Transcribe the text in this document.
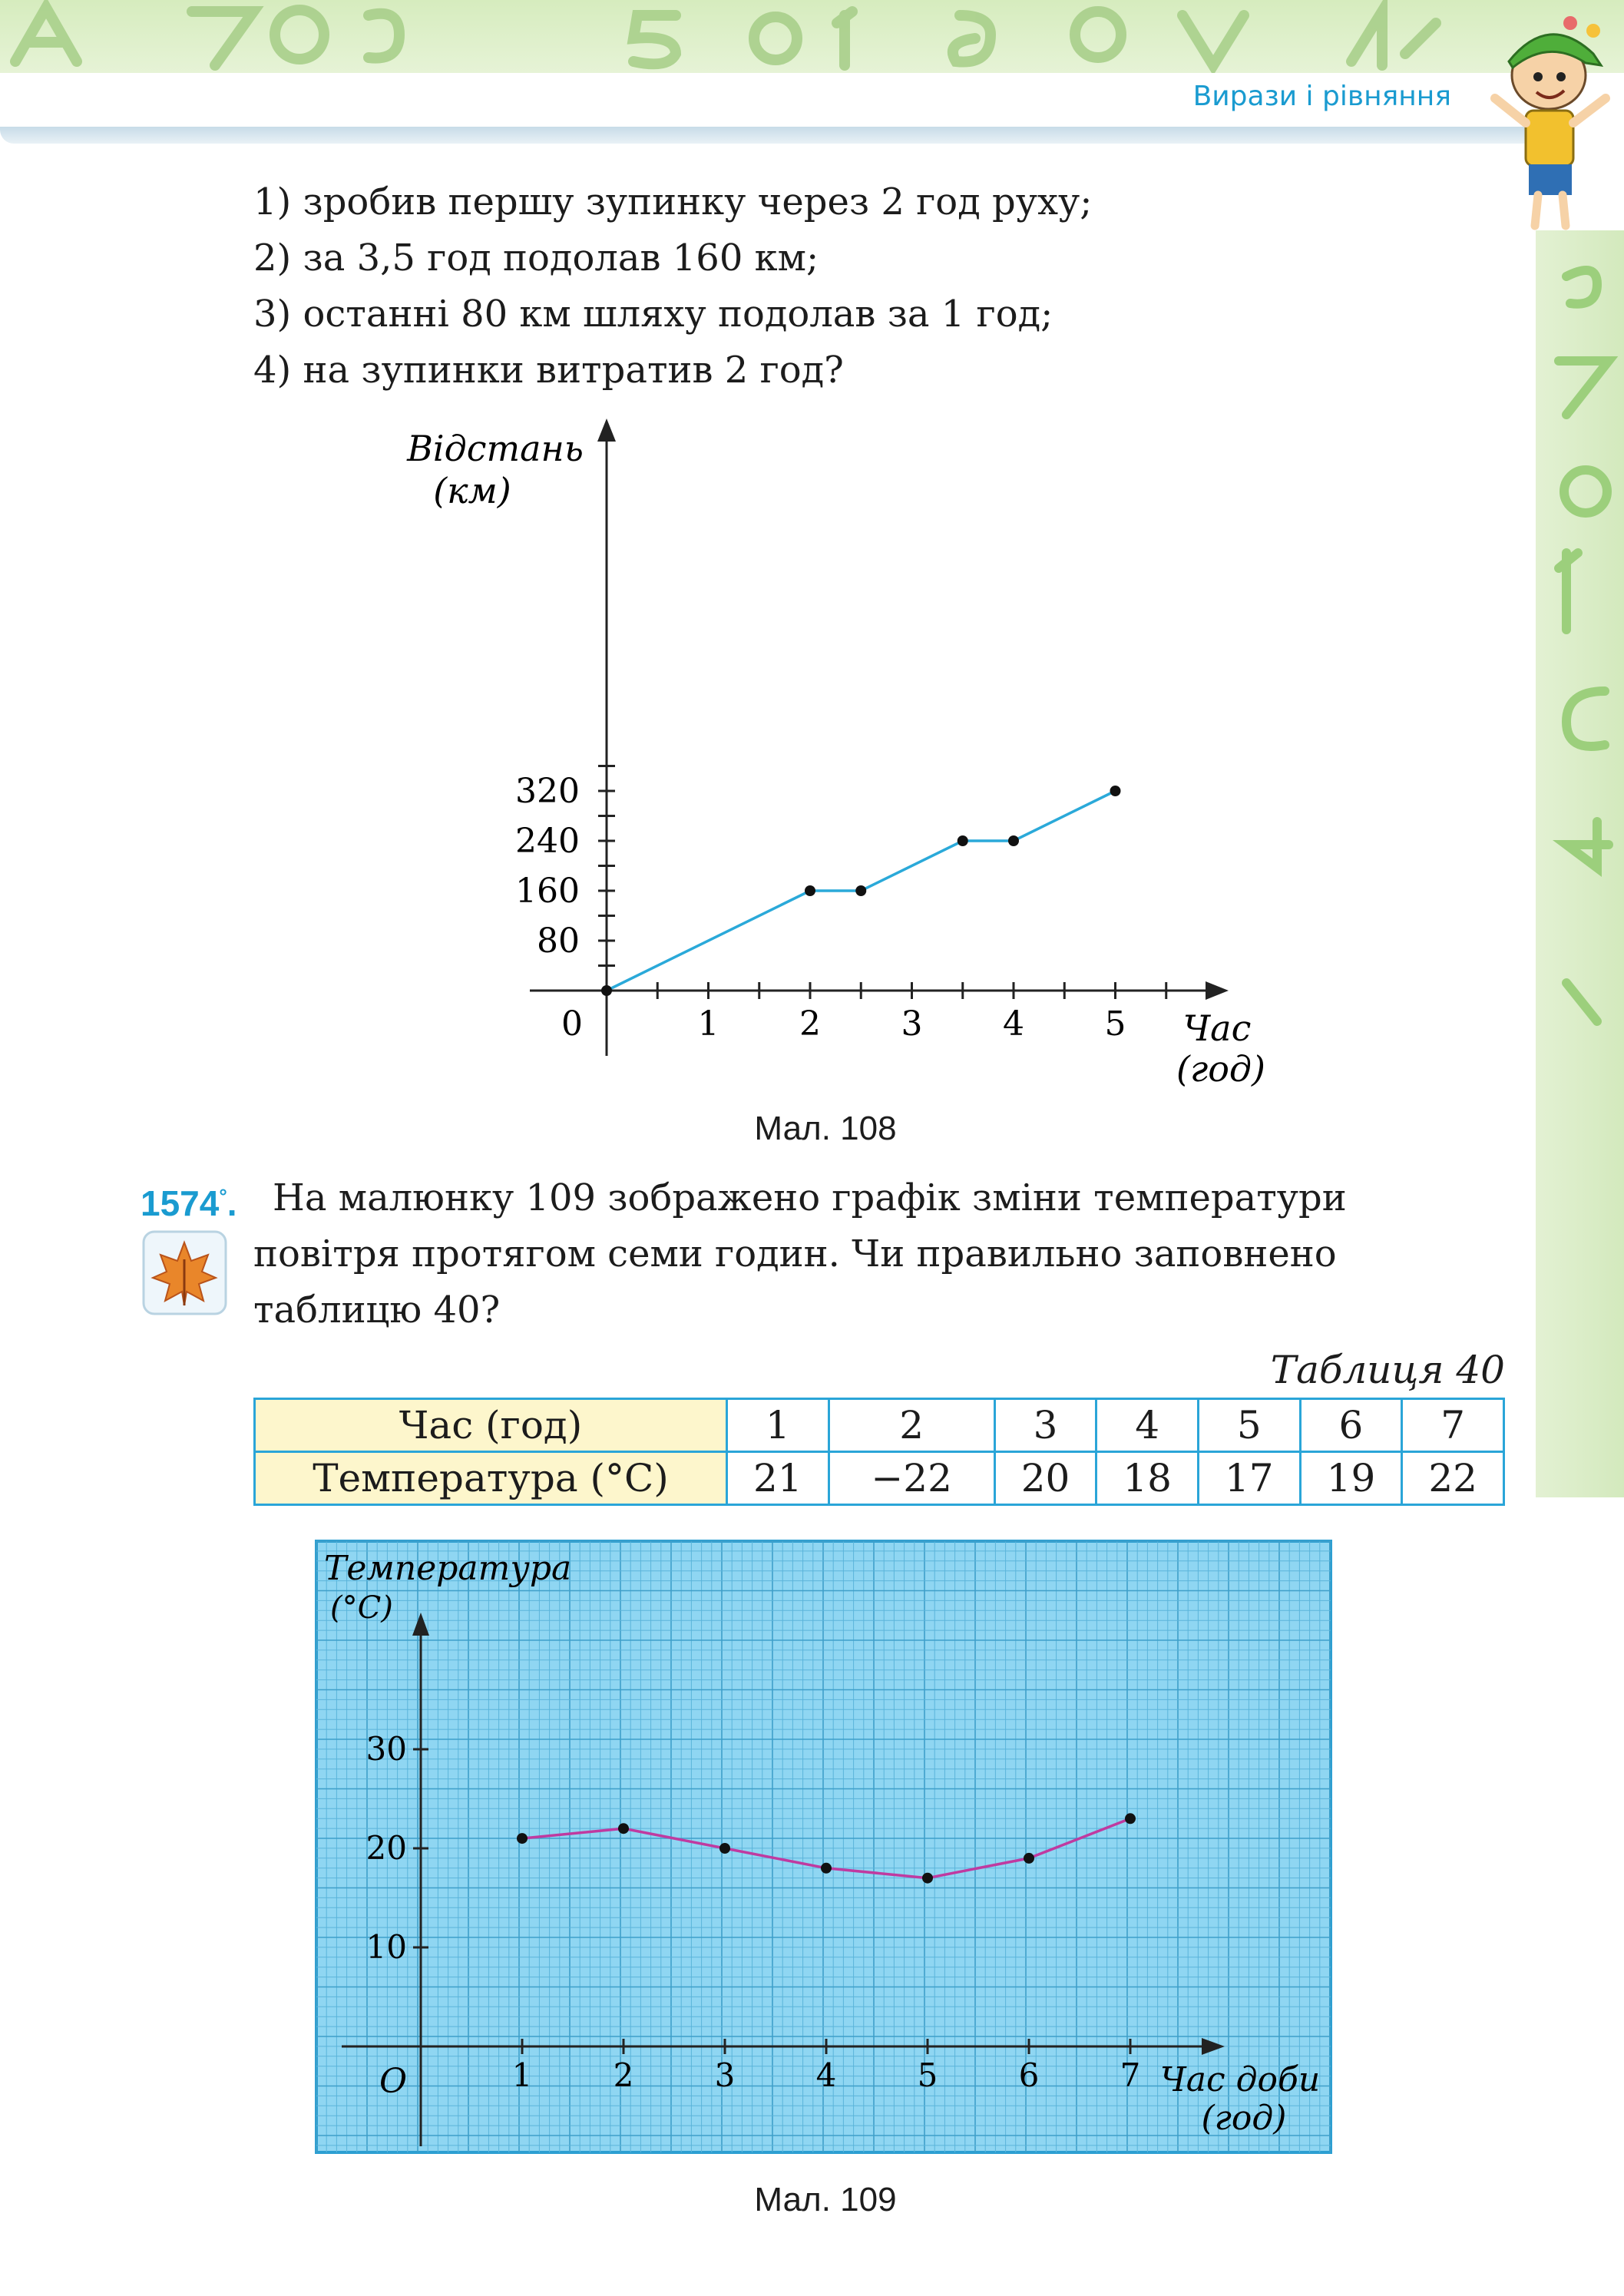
Вирази і рівняння
1) зробив першу зупинку через 2 год руху;
2) за 3,5 год подолав 160 км;
3) останні 80 км шляху подолав за 1 год;
4) на зупинки витратив 2 год?
1 2 3 4 5
80
160
240
320
Відстань
(км)
Час
(год)
0
Мал. 108
1574°. На малюнку 109 зображено графік зміни температури
повітря протягом семи годин. Чи правильно заповнено
таблицю 40?
Таблиця 40
Час (год)	1	2	3	4	5	6	7
Температура (°С)	21	−22	20	18	17	19	22
1	2	3	4	5	6	7
10
20
30
Температура
(°С)
Час доби
(год)
O
Мал. 109
